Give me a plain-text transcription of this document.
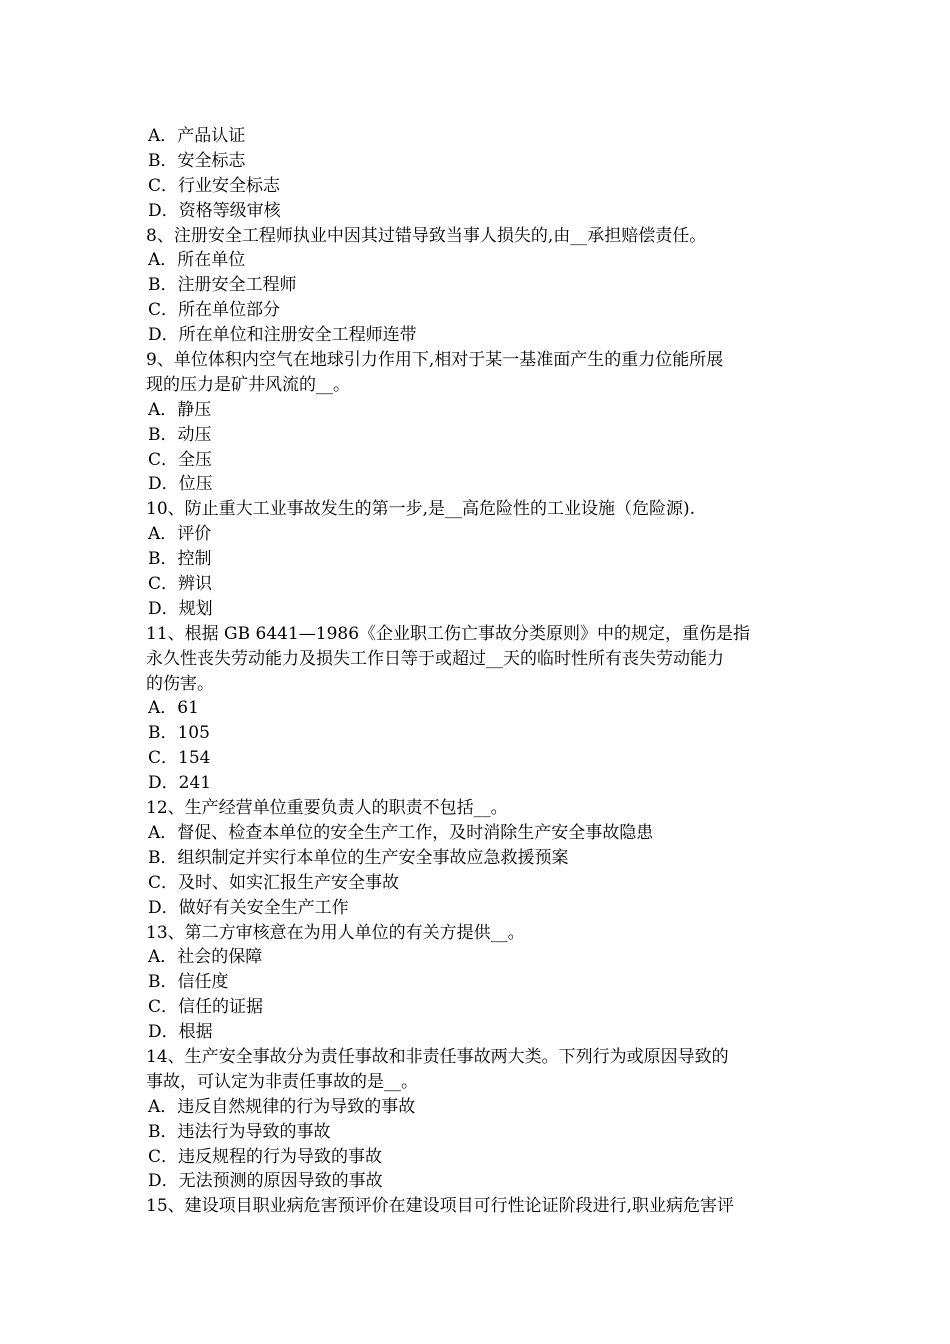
A．产品认证
B．安全标志
C．行业安全标志
D．资格等级审核
8、注册安全工程师执业中因其过错导致当事人损失的,由__承担赔偿责任。
A．所在单位
B．注册安全工程师
C．所在单位部分
D．所在单位和注册安全工程师连带
9、单位体积内空气在地球引力作用下,相对于某一基准面产生的重力位能所展
现的压力是矿井风流的__。
A．静压
B．动压
C．全压
D．位压
10、防止重大工业事故发生的第一步,是__高危险性的工业设施（危险源).
A．评价
B．控制
C．辨识
D．规划
11、根据 GB 6441—1986《企业职工伤亡事故分类原则》中的规定，重伤是指
永久性丧失劳动能力及损失工作日等于或超过__天的临时性所有丧失劳动能力
的伤害。
A．61
B．105
C．154
D．241
12、生产经营单位重要负责人的职责不包括__。
A．督促、检查本单位的安全生产工作，及时消除生产安全事故隐患
B．组织制定并实行本单位的生产安全事故应急救援预案
C．及时、如实汇报生产安全事故
D．做好有关安全生产工作
13、第二方审核意在为用人单位的有关方提供__。
A．社会的保障
B．信任度
C．信任的证据
D．根据
14、生产安全事故分为责任事故和非责任事故两大类。下列行为或原因导致的
事故，可认定为非责任事故的是__。
A．违反自然规律的行为导致的事故
B．违法行为导致的事故
C．违反规程的行为导致的事故
D．无法预测的原因导致的事故
15、建设项目职业病危害预评价在建设项目可行性论证阶段进行,职业病危害评
